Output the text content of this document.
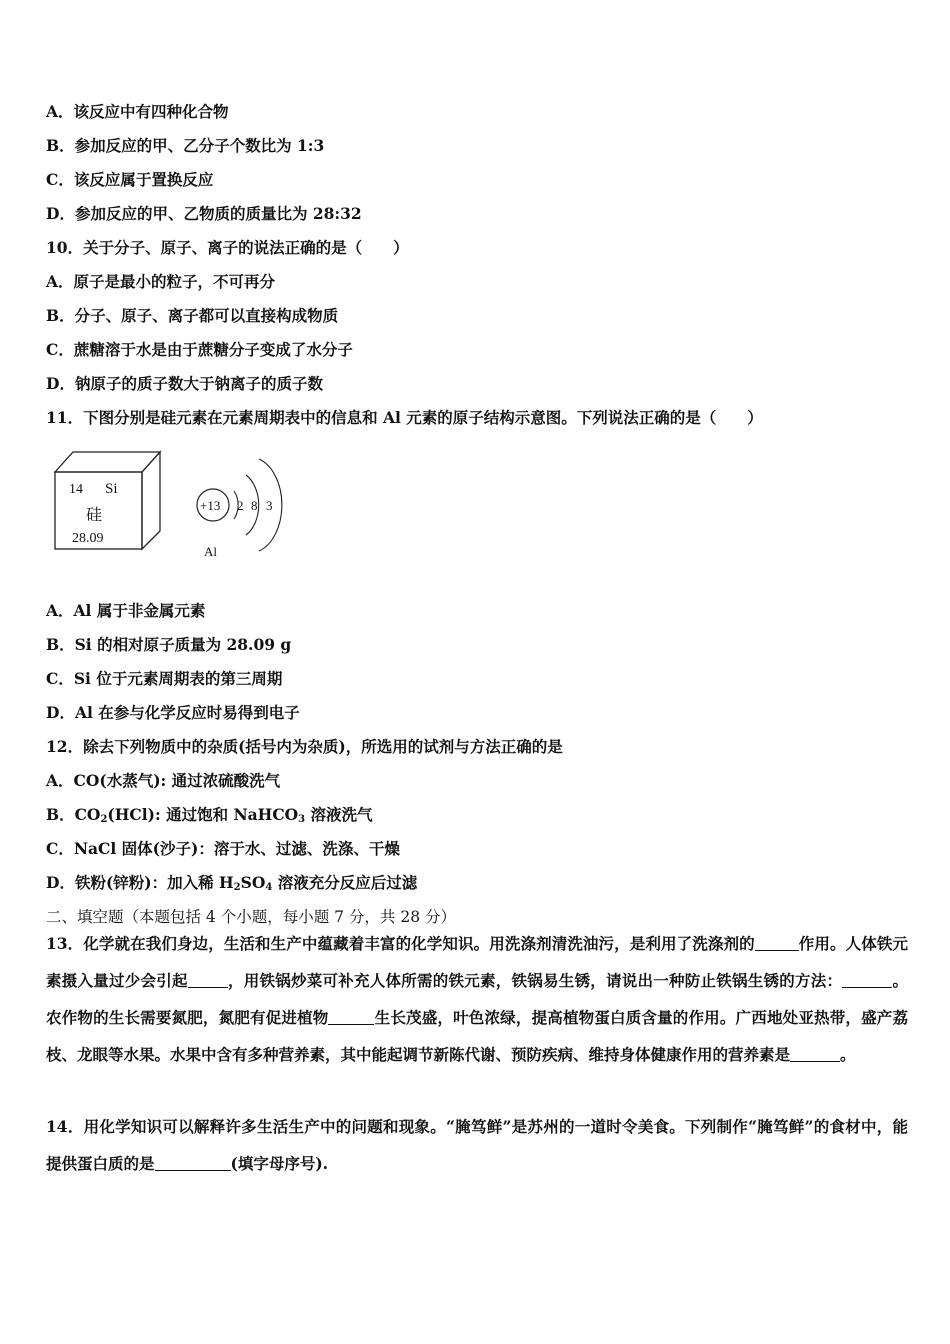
A．该反应中有四种化合物
B．参加反应的甲、乙分子个数比为 1:3
C．该反应属于置换反应
D．参加反应的甲、乙物质的质量比为 28:32
10．关于分子、原子、离子的说法正确的是（　　）
A．原子是最小的粒子，不可再分
B．分子、原子、离子都可以直接构成物质
C．蔗糖溶于水是由于蔗糖分子变成了水分子
D．钠原子的质子数大于钠离子的质子数
11．下图分别是硅元素在元素周期表中的信息和 Al 元素的原子结构示意图。下列说法正确的是（　　）
14 Si
硅
28.09
+13 2 8 3
Al
A．Al 属于非金属元素
B．Si 的相对原子质量为 28.09 g
C．Si 位于元素周期表的第三周期
D．Al 在参与化学反应时易得到电子
12．除去下列物质中的杂质(括号内为杂质)，所选用的试剂与方法正确的是
A．CO(水蒸气): 通过浓硫酸洗气
B．$CO_2(HCl)$: 通过饱和 NaHCO$_3$ 溶液洗气
C．NaCl 固体(沙子)：溶于水、过滤、洗涤、干燥
D．铁粉(锌粉)：加入稀 $H_2SO_4$ 溶液充分反应后过滤
二、填空题（本题包括 4 个小题，每小题 7 分，共 28 分）
13．化学就在我们身边，生活和生产中蕴藏着丰富的化学知识。用洗涤剂清洗油污，是利用了洗涤剂的	作用。人体铁元素摄入量过少会引起	，用铁锅炒菜可补充人体所需的铁元素，铁锅易生锈，请说出一种防止铁锅生锈的方法：	。农作物的生长需要氮肥，氮肥有促进植物	生长茂盛，叶色浓绿，提高植物蛋白质含量的作用。广西地处亚热带，盛产荔枝、龙眼等水果。水果中含有多种营养素，其中能起调节新陈代谢、预防疾病、维持身体健康作用的营养素是	。
14．用化学知识可以解释许多生活生产中的问题和现象。“腌笃鲜”是苏州的一道时令美食。下列制作“腌笃鲜”的食材中，能提供蛋白质的是	(填字母序号).
